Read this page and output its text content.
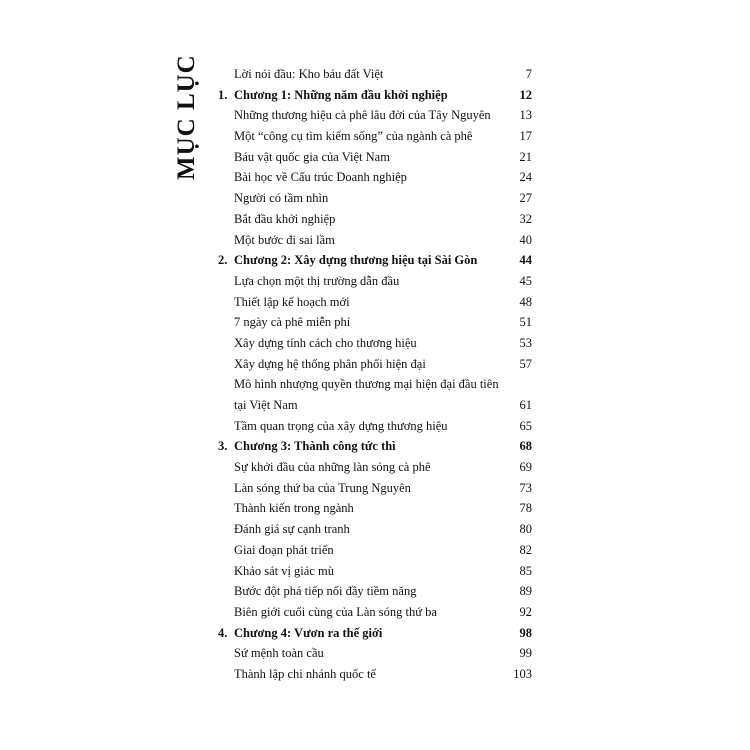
MỤC LỤC	Lời nói đầu: Kho báu đất Việt	7
1. Chương 1: Những năm đầu khởi nghiệp	12
Những thương hiệu cà phê lâu đời của Tây Nguyên 13
Một “công cụ tìm kiếm sống” của ngành cà phê	17
Báu vật quốc gia của Việt Nam	21
Bài học về Cấu trúc Doanh nghiệp	24
Người có tầm nhìn	27
Bắt đầu khởi nghiệp	32
Một bước đi sai lầm	40
2. Chương 2: Xây dựng thương hiệu tại Sài Gòn	44
Lựa chọn một thị trường dẫn đầu	45
Thiết lập kế hoạch mới	48
7 ngày cà phê miễn phí	51
Xây dựng tính cách cho thương hiệu	53
Xây dựng hệ thống phân phối hiện đại	57
Mô hình nhượng quyền thương mại hiện đại đầu tiên
tại Việt Nam	61
Tầm quan trọng của xây dựng thương hiệu	65
3. Chương 3: Thành công tức thì	68
Sự khởi đầu của những làn sóng cà phê	69
Làn sóng thứ ba của Trung Nguyên	73
Thành kiến trong ngành	78
Đánh giá sự cạnh tranh	80
Giai đoạn phát triển	82
Khảo sát vị giác mù	85
Bước đột phá tiếp nối đầy tiềm năng	89
Biên giới cuối cùng của Làn sóng thứ ba	92
4. Chương 4: Vươn ra thế giới	98
Sứ mệnh toàn cầu	99
Thành lập chi nhánh quốc tế	103
